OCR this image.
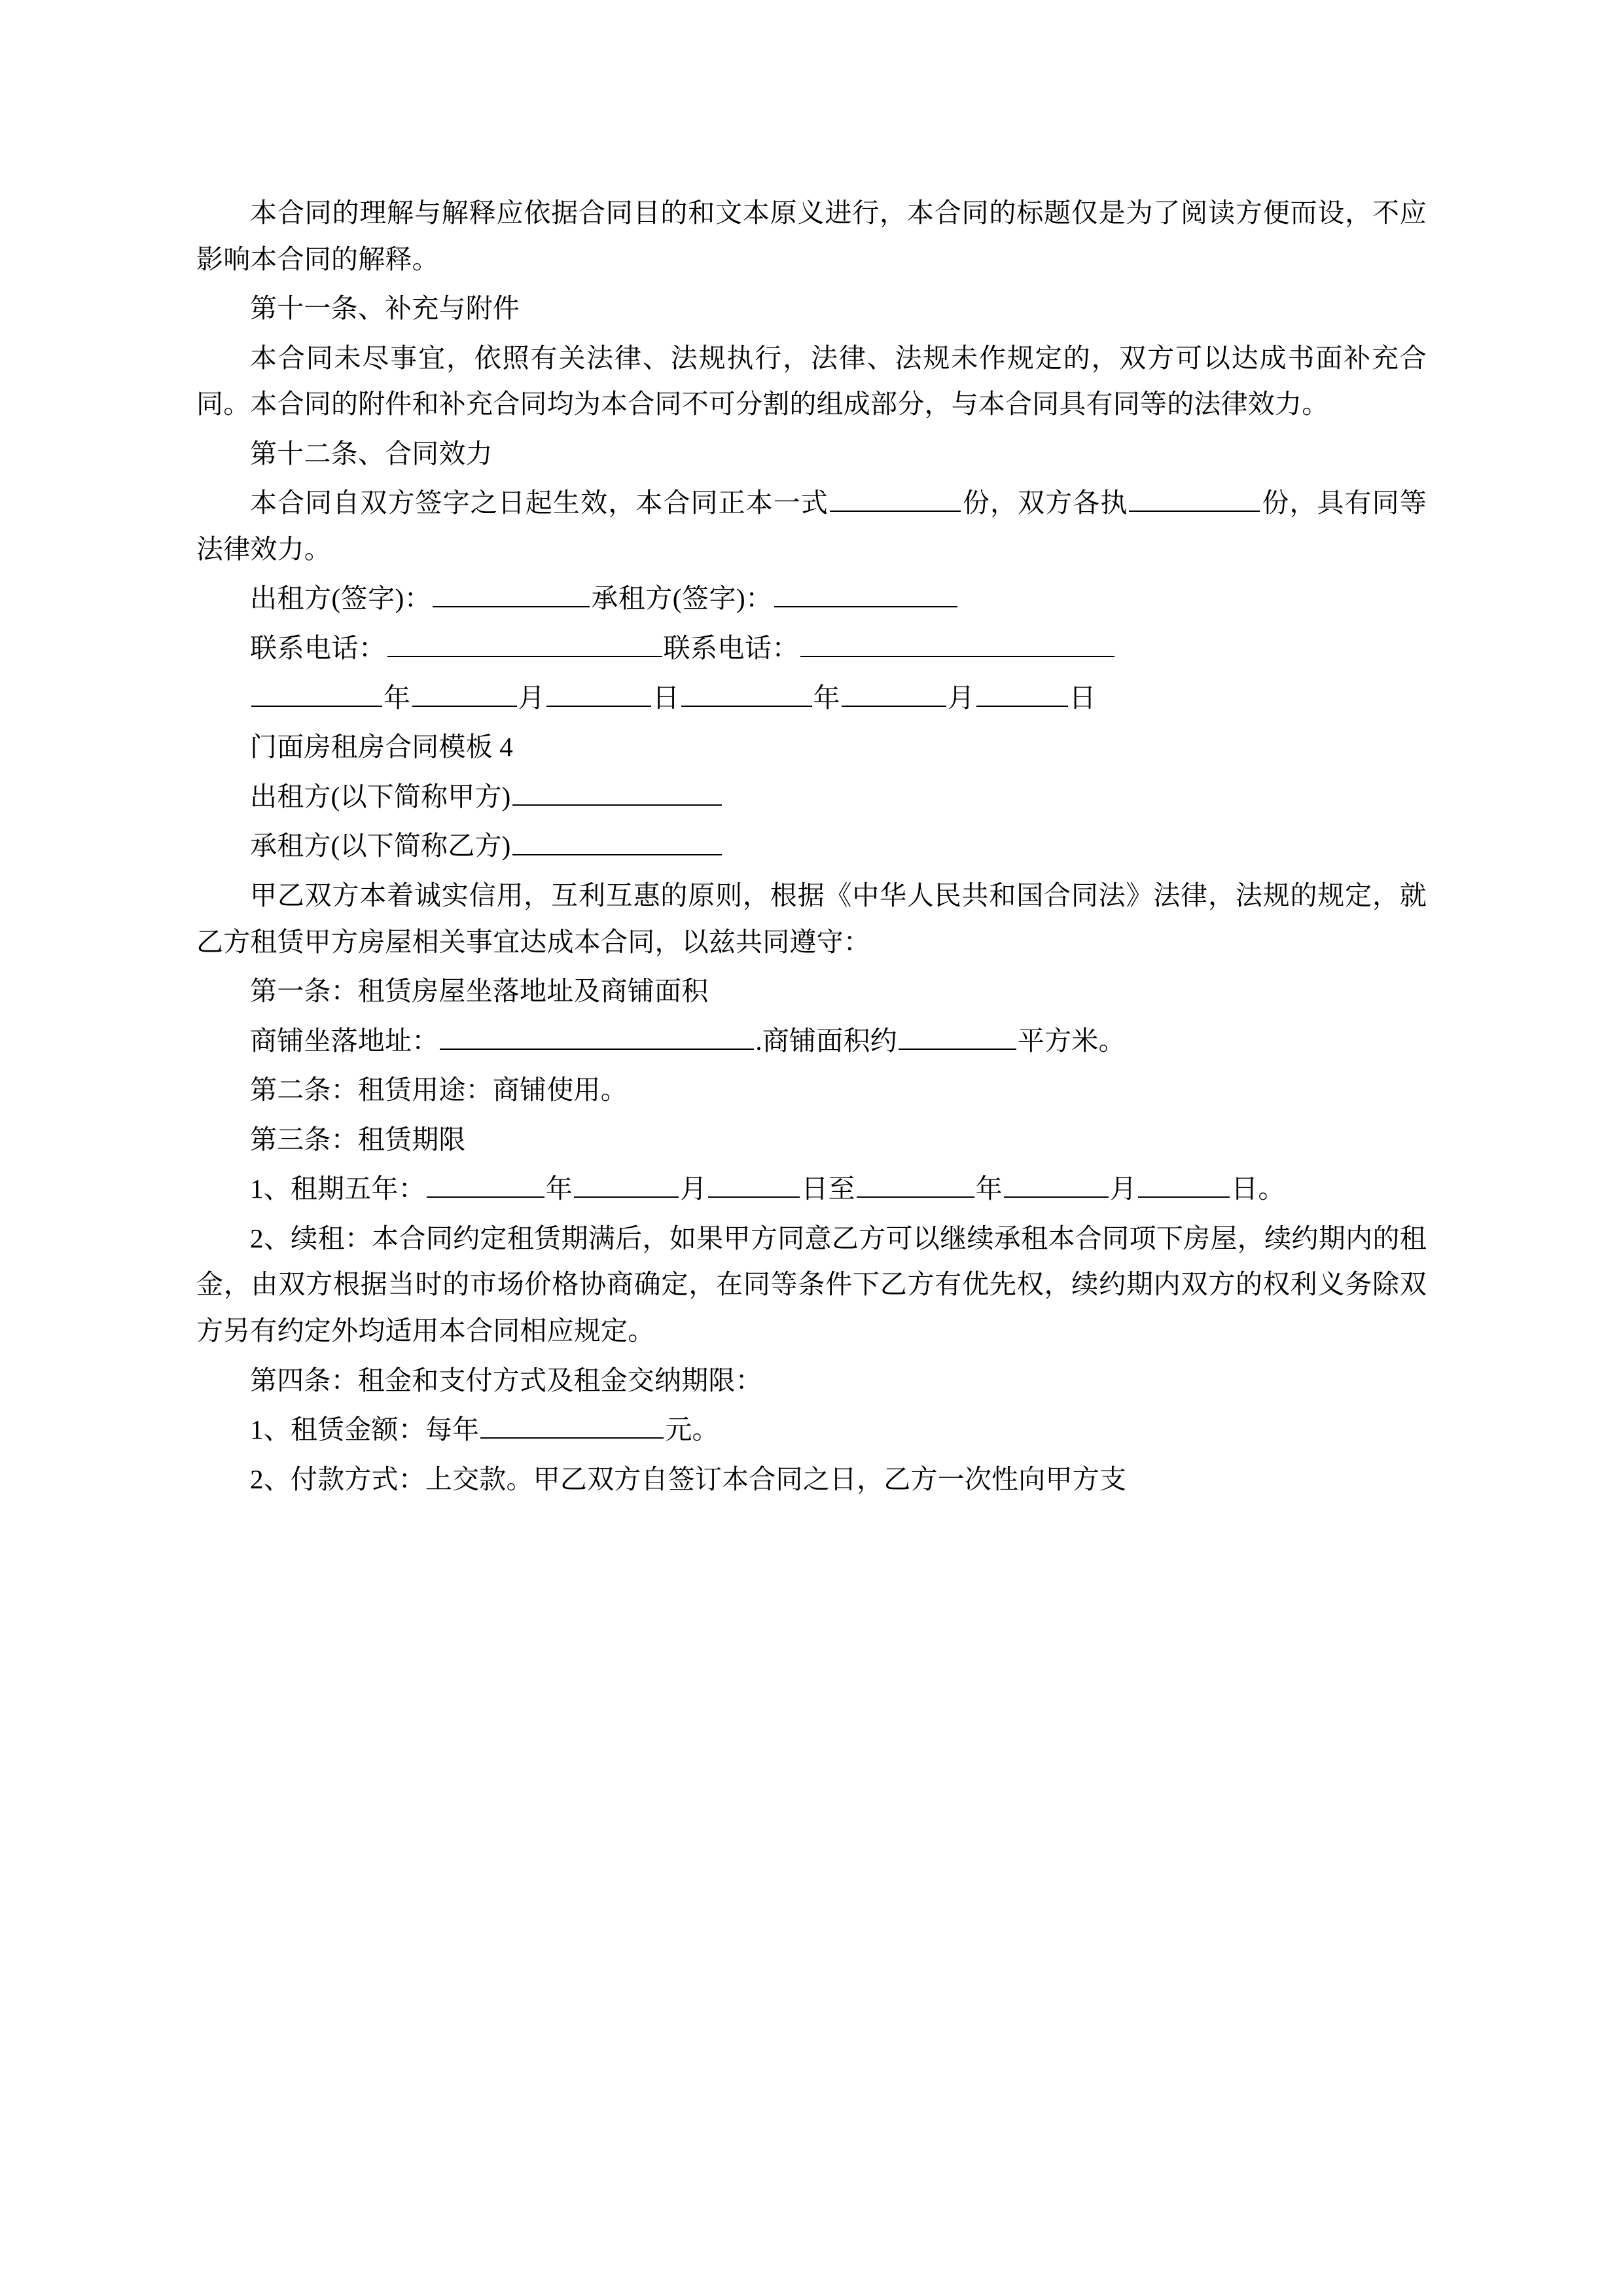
本合同的理解与解释应依据合同目的和文本原义进行，本合同的标题仅是为了阅读方便而设，不应影响本合同的解释。

第十一条、补充与附件

本合同未尽事宜，依照有关法律、法规执行，法律、法规未作规定的，双方可以达成书面补充合同。本合同的附件和补充合同均为本合同不可分割的组成部分，与本合同具有同等的法律效力。

第十二条、合同效力

本合同自双方签字之日起生效，本合同正本一式	份，双方各执	份，具有同等法律效力。

出租方(签字)：	承租方(签字)：

联系电话：	联系电话：

年	月	日	年	月	日

门面房租房合同模板 4

出租方(以下简称甲方)

承租方(以下简称乙方)

甲乙双方本着诚实信用，互利互惠的原则，根据《中华人民共和国合同法》法律，法规的规定，就乙方租赁甲方房屋相关事宜达成本合同，以兹共同遵守：

第一条：租赁房屋坐落地址及商铺面积

商铺坐落地址：	.商铺面积约	平方米。

第二条：租赁用途：商铺使用。

第三条：租赁期限

1、租期五年：	年	月	日至	年	月	日。

2、续租：本合同约定租赁期满后，如果甲方同意乙方可以继续承租本合同项下房屋，续约期内的租金，由双方根据当时的市场价格协商确定，在同等条件下乙方有优先权，续约期内双方的权利义务除双方另有约定外均适用本合同相应规定。

第四条：租金和支付方式及租金交纳期限：

1、租赁金额：每年	元。

2、付款方式：上交款。甲乙双方自签订本合同之日，乙方一次性向甲方支
